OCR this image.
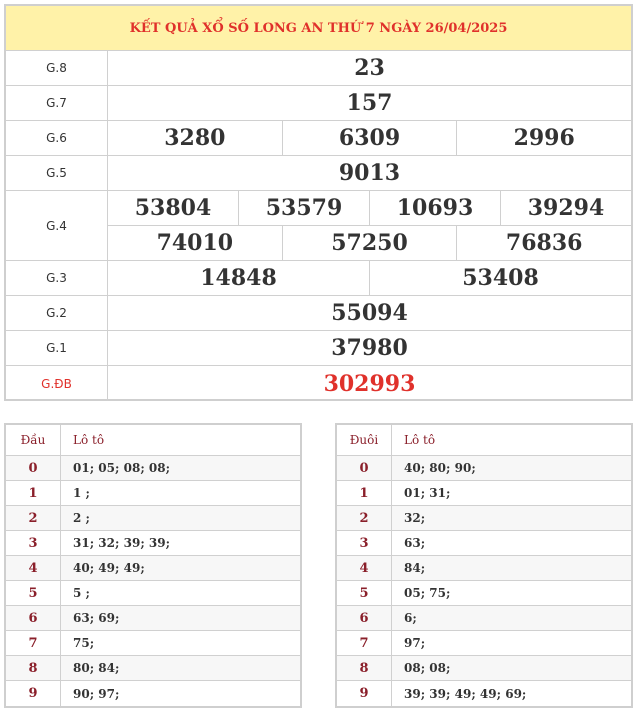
KẾT QUẢ XỔ SỐ LONG AN THỨ 7 NGÀY 26/04/2025
G.8	23
G.7	157
G.6	3280	6309	2996
G.5	9013
G.4
53804	53579	10693	39294
74010	57250	76836
G.3	14848	53408
G.2	55094
G.1	37980
G.ĐB	302993
Đầu	Lô tô
0	01; 05; 08; 08;
1	1 ;
2	2 ;
3	31; 32; 39; 39;
4	40; 49; 49;
5	5 ;
6	63; 69;
7	75;
8	80; 84;
9	90; 97;
Đuôi	Lô tô
0	40; 80; 90;
1	01; 31;
2	32;
3	63;
4	84;
5	05; 75;
6	6;
7	97;
8	08; 08;
9	39; 39; 49; 49; 69;
